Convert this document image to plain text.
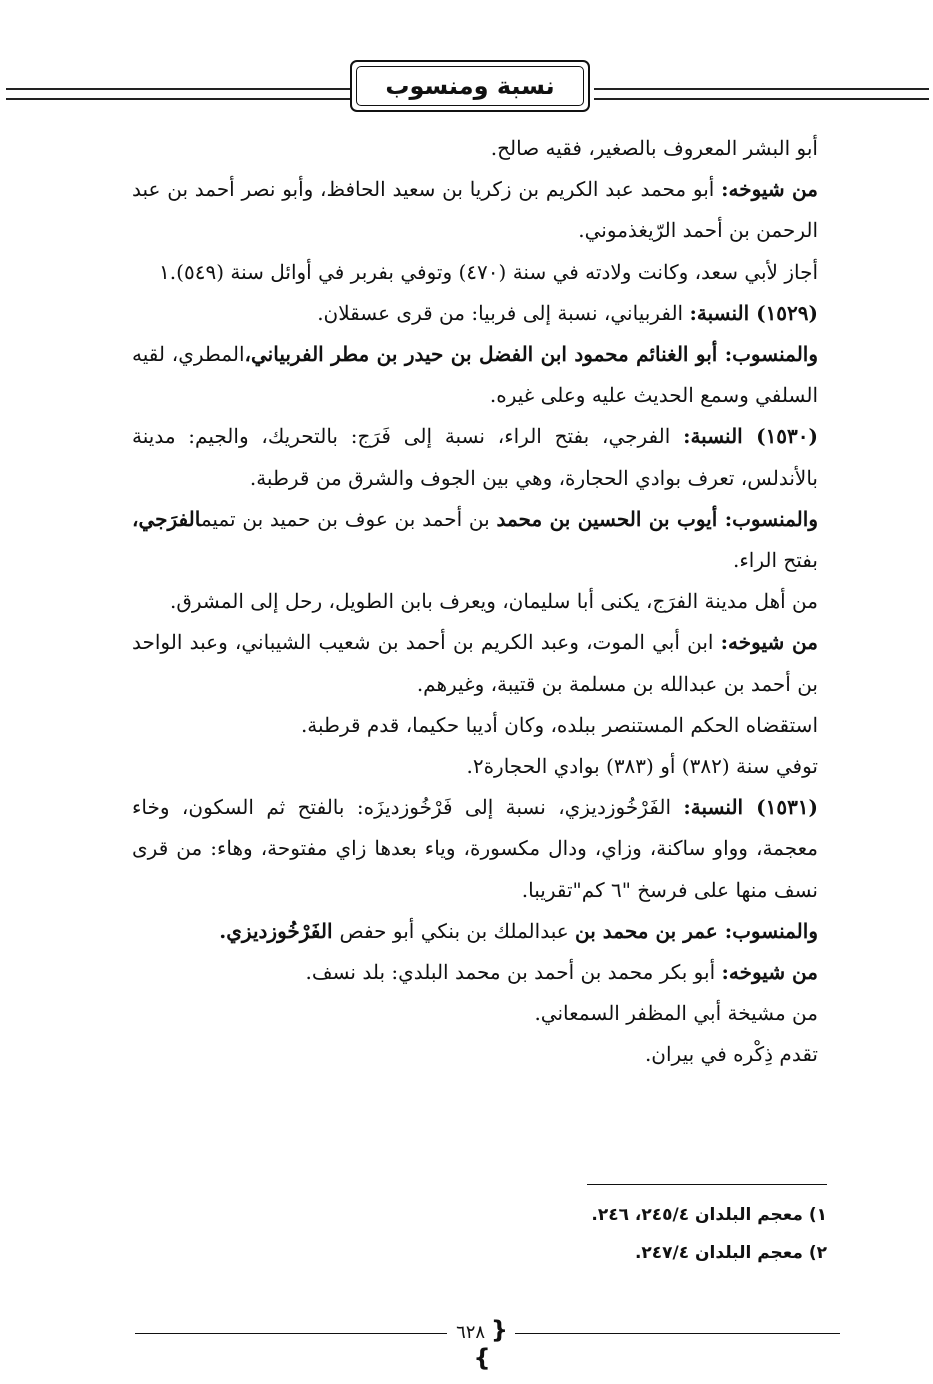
نسبة ومنسوب

أبو البشر المعروف بالصغير، فقيه صالح.

من شيوخه: أبو محمد عبد الكريم بن زكريا بن سعيد الحافظ، وأبو نصر أحمد بن عبد الرحمن بن أحمد الرّيغذموني.

أجاز لأبي سعد، وكانت ولادته في سنة (٤٧٠) وتوفي بفربر في أوائل سنة (٥٤٩).١

(١٥٢٩) النسبة: الفربياني، نسبة إلى فربيا: من قرى عسقلان.

والمنسوب: أبو الغنائم محمود ابن الفضل بن حيدر بن مطر الفربياني،المطري، لقيه السلفي وسمع الحديث عليه وعلى غيره.

(١٥٣٠) النسبة: الفرجي، بفتح الراء، نسبة إلى فَرَج: بالتحريك، والجيم: مدينة بالأندلس، تعرف بوادي الحجارة، وهي بين الجوف والشرق من قرطبة.

والمنسوب: أيوب بن الحسين بن محمد بن أحمد بن عوف بن حميد بن تميمالفرَجي، بفتح الراء.

من أهل مدينة الفرَج، يكنى أبا سليمان، ويعرف بابن الطويل، رحل إلى المشرق.

من شيوخه: ابن أبي الموت، وعبد الكريم بن أحمد بن شعيب الشيباني، وعبد الواحد بن أحمد بن عبدالله بن مسلمة بن قتيبة، وغيرهم.

استقضاه الحكم المستنصر ببلده، وكان أديبا حكيما، قدم قرطبة.

توفي سنة (٣٨٢) أو (٣٨٣) بوادي الحجارة٢.

(١٥٣١) النسبة: الفَرْخُوزديزي، نسبة إلى فَرْخُوزديزَه: بالفتح ثم السكون، وخاء معجمة، وواو ساكنة، وزاي، ودال مكسورة، وياء بعدها زاي مفتوحة، وهاء: من قرى نسف منها على فرسخ "٦ كم"تقريبا.

والمنسوب: عمر بن محمد بن عبدالملك بن بنكي أبو حفص الفَرْخُوزديزي.

من شيوخه: أبو بكر محمد بن أحمد بن محمد البلدي: بلد نسف.

من مشيخة أبي المظفر السمعاني.

تقدم ذِكْره في بيران.

١) معجم البلدان ٢٤٥/٤، ٢٤٦.

٢) معجم البلدان ٢٤٧/٤.

{ ٦٢٨ }
